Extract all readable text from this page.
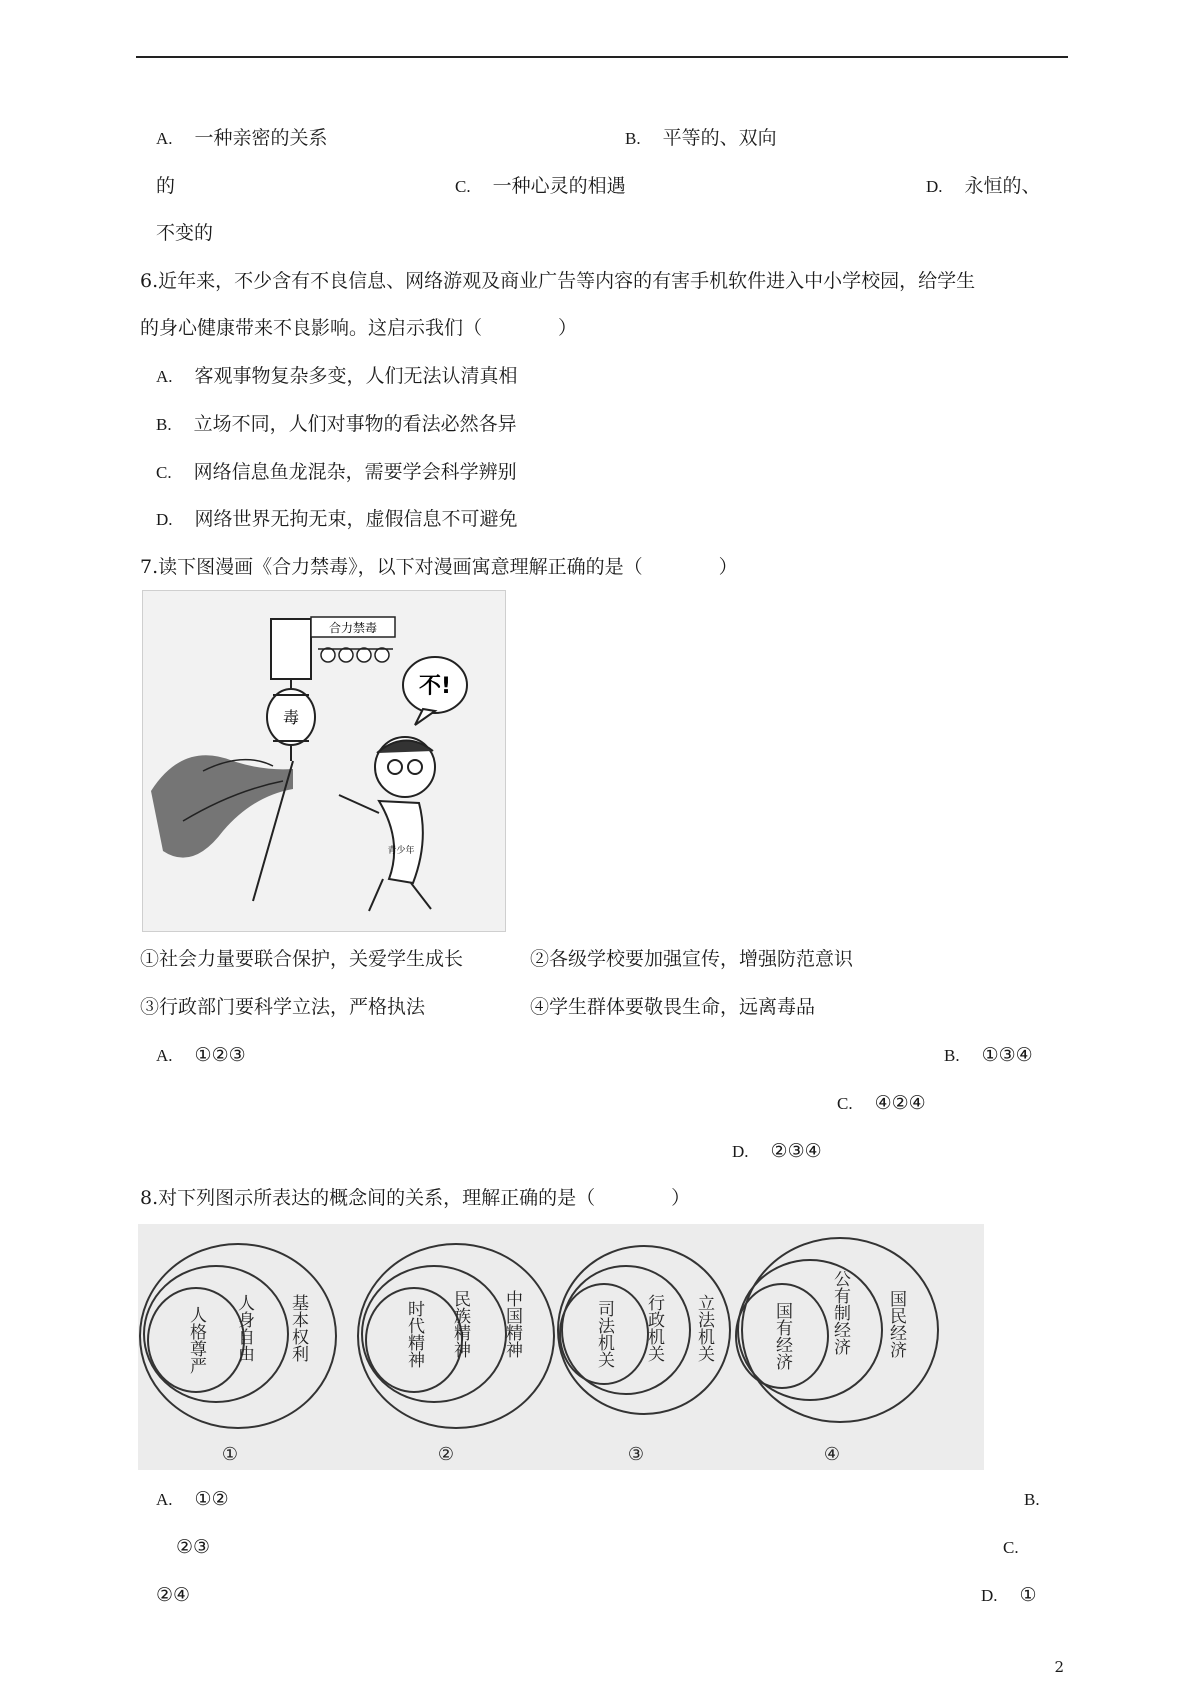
A. 一种亲密的关系	B. 平等的、双向
的	C. 一种心灵的相遇	D. 永恒的、
不变的
6.近年来，不少含有不良信息、网络游观及商业广告等内容的有害手机软件进入中小学校园，给学生
的身心健康带来不良影响。这启示我们（　　　　）
A. 客观事物复杂多变，人们无法认清真相
B. 立场不同，人们对事物的看法必然各异
C. 网络信息鱼龙混杂，需要学会科学辨别
D. 网络世界无拘无束，虚假信息不可避免
7.读下图漫画《合力禁毒》，以下对漫画寓意理解正确的是（　　　　）
合力禁毒
毒
不!
青少年
①社会力量要联合保护，关爱学生成长	②各级学校要加强宣传，增强防范意识
③行政部门要科学立法，严格执法	④学生群体要敬畏生命，远离毒品
A. ①②③	B. ①③④
C. ④②④
D. ②③④
8.对下列图示所表达的概念间的关系，理解正确的是（　　　　）
人格尊严 人身自由 基本权利	时代精神 民族精神 中国精神	司法机关 行政机关 立法机关	国有经济 公有制经济 国民经济
①	②	③	④
A. ①②	B.
②③	C.
②④	D. ①
2
